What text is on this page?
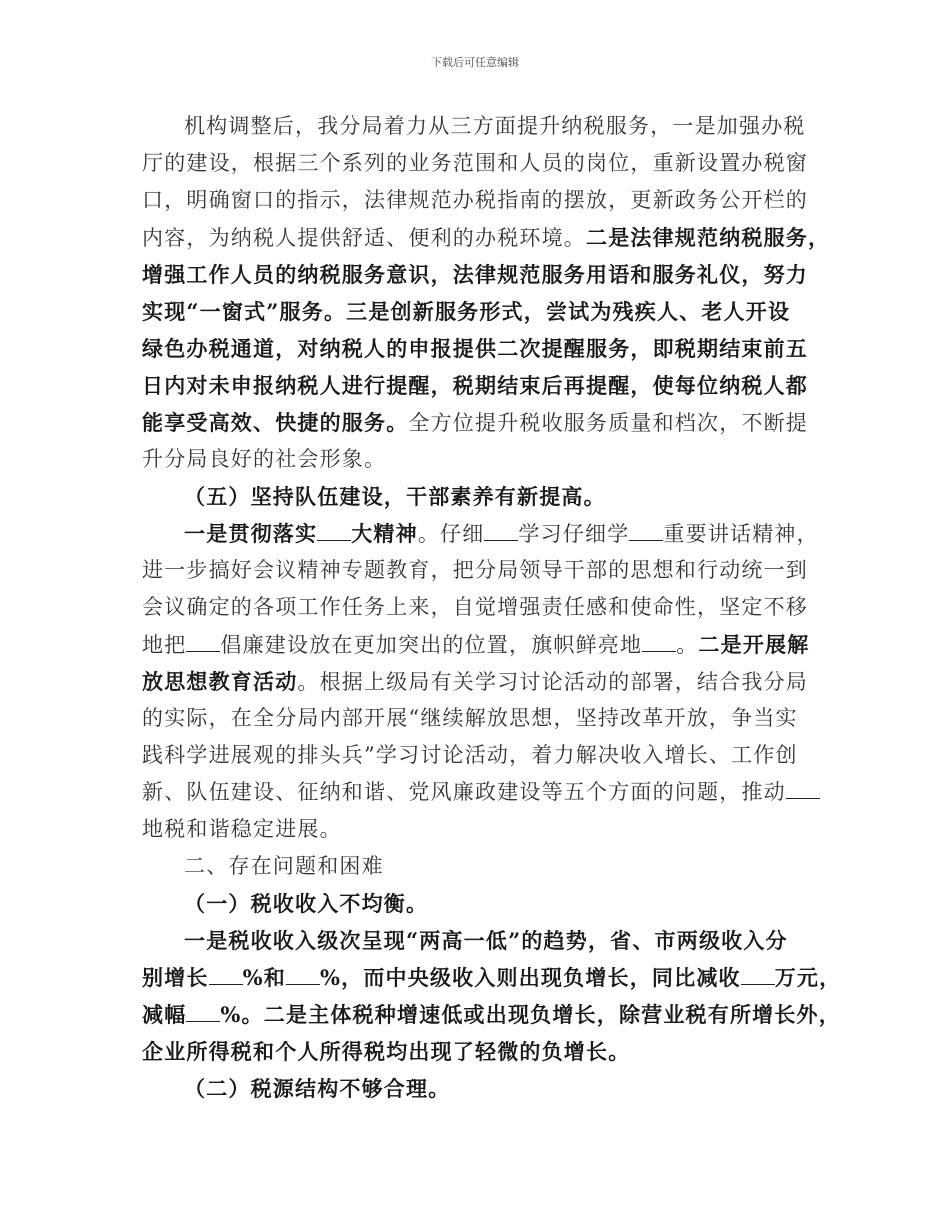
下载后可任意编辑
机构调整后，我分局着力从三方面提升纳税服务，一是加强办税
厅的建设，根据三个系列的业务范围和人员的岗位，重新设置办税窗
口，明确窗口的指示，法律规范办税指南的摆放，更新政务公开栏的
内容，为纳税人提供舒适、便利的办税环境。二是法律规范纳税服务，
增强工作人员的纳税服务意识，法律规范服务用语和服务礼仪，努力
实现“一窗式”服务。三是创新服务形式，尝试为残疾人、老人开设
绿色办税通道，对纳税人的申报提供二次提醒服务，即税期结束前五
日内对未申报纳税人进行提醒，税期结束后再提醒，使每位纳税人都
能享受高效、快捷的服务。全方位提升税收服务质量和档次，不断提
升分局良好的社会形象。
（五）坚持队伍建设，干部素养有新提高。
一是贯彻落实 大精神。仔细 学习仔细学 重要讲话精神，
进一步搞好会议精神专题教育，把分局领导干部的思想和行动统一到
会议确定的各项工作任务上来，自觉增强责任感和使命性，坚定不移
地把 倡廉建设放在更加突出的位置，旗帜鲜亮地 。二是开展解
放思想教育活动。根据上级局有关学习讨论活动的部署，结合我分局
的实际，在全分局内部开展“继续解放思想，坚持改革开放，争当实
践科学进展观的排头兵”学习讨论活动，着力解决收入增长、工作创
新、队伍建设、征纳和谐、党风廉政建设等五个方面的问题，推动
地税和谐稳定进展。
二、存在问题和困难
（一）税收收入不均衡。
一是税收收入级次呈现“两高一低”的趋势，省、市两级收入分
别增长 %和 %，而中央级收入则出现负增长，同比减收 万元，
减幅 %。二是主体税种增速低或出现负增长，除营业税有所增长外，
企业所得税和个人所得税均出现了轻微的负增长。
（二）税源结构不够合理。
